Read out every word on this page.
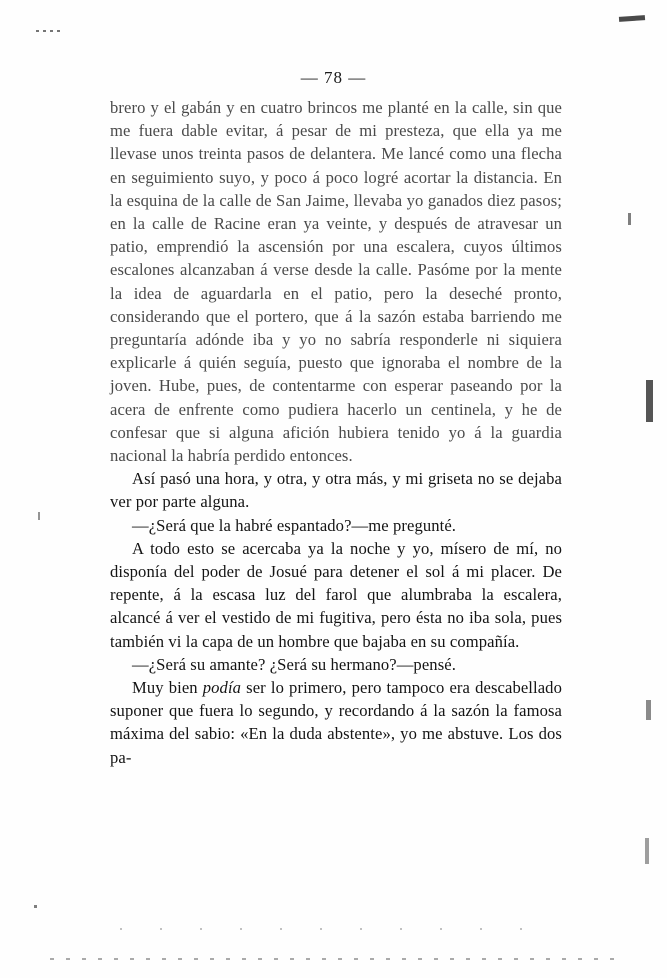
— 78 —

brero y el gabán y en cuatro brincos me planté en la calle, sin que me fuera dable evitar, á pesar de mi presteza, que ella ya me llevase unos treinta pasos de delantera. Me lancé como una flecha en seguimiento suyo, y poco á poco logré acortar la distancia. En la esquina de la calle de San Jaime, llevaba yo ganados diez pasos; en la calle de Racine eran ya veinte, y después de atravesar un patio, emprendió la ascensión por una escalera, cuyos últimos escalones alcanzaban á verse desde la calle. Pasóme por la mente la idea de aguardarla en el patio, pero la deseché pronto, considerando que el portero, que á la sazón estaba barriendo me preguntaría adónde iba y yo no sabría responderle ni siquiera explicarle á quién seguía, puesto que ignoraba el nombre de la joven. Hube, pues, de contentarme con esperar paseando por la acera de enfrente como pudiera hacerlo un centinela, y he de confesar que si alguna afición hubiera tenido yo á la guardia nacional la habría perdido entonces.

Así pasó una hora, y otra, y otra más, y mi griseta no se dejaba ver por parte alguna.

—¿Será que la habré espantado?—me pregunté.

A todo esto se acercaba ya la noche y yo, mísero de mí, no disponía del poder de Josué para detener el sol á mi placer. De repente, á la escasa luz del farol que alumbraba la escalera, alcancé á ver el vestido de mi fugitiva, pero ésta no iba sola, pues también vi la capa de un hombre que bajaba en su compañía.

—¿Será su amante? ¿Será su hermano?—pensé.

Muy bien podía ser lo primero, pero tampoco era descabellado suponer que fuera lo segundo, y recordando á la sazón la famosa máxima del sabio: «En la duda abstente», yo me abstuve. Los dos pa-
